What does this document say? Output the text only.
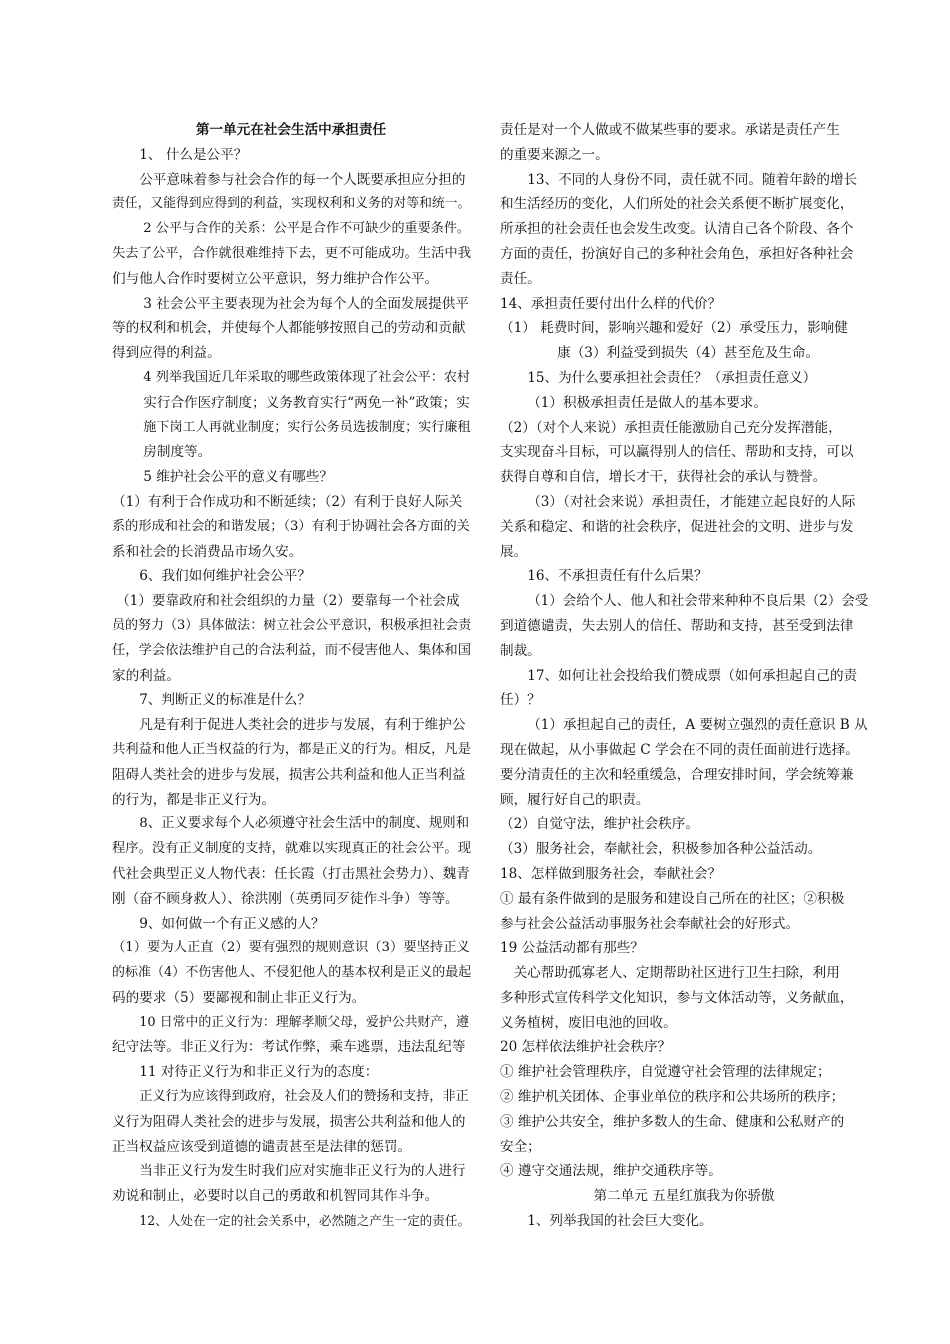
第一单元在社会生活中承担责任
1、 什么是公平？
公平意味着参与社会合作的每一个人既要承担应分担的
责任，又能得到应得到的利益，实现权利和义务的对等和统一。
2 公平与合作的关系：公平是合作不可缺少的重要条件。
失去了公平，合作就很难维持下去，更不可能成功。生活中我
们与他人合作时要树立公平意识，努力维护合作公平。
3 社会公平主要表现为社会为每个人的全面发展提供平
等的权利和机会，并使每个人都能够按照自己的劳动和贡献
得到应得的利益。
4 列举我国近几年采取的哪些政策体现了社会公平：农村
实行合作医疗制度；义务教育实行“两免一补”政策；实
施下岗工人再就业制度；实行公务员选拔制度；实行廉租
房制度等。
5 维护社会公平的意义有哪些？
（1）有利于合作成功和不断延续；（2）有利于良好人际关
系的形成和社会的和谐发展；（3）有利于协调社会各方面的关
系和社会的长消费品市场久安。
6、我们如何维护社会公平？
（1）要靠政府和社会组织的力量（2）要靠每一个社会成
员的努力（3）具体做法：树立社会公平意识，积极承担社会责
任，学会依法维护自己的合法利益，而不侵害他人、集体和国
家的利益。
7、判断正义的标准是什么？
凡是有利于促进人类社会的进步与发展，有利于维护公
共利益和他人正当权益的行为，都是正义的行为。相反，凡是
阻碍人类社会的进步与发展，损害公共利益和他人正当利益
的行为，都是非正义行为。
8、正义要求每个人必须遵守社会生活中的制度、规则和
程序。没有正义制度的支持，就难以实现真正的社会公平。现
代社会典型正义人物代表：任长霞（打击黑社会势力）、魏青
刚（奋不顾身救人）、徐洪刚（英勇同歹徒作斗争）等等。
9、如何做一个有正义感的人？
（1）要为人正直（2）要有强烈的规则意识（3）要坚持正义
的标准（4）不伤害他人、不侵犯他人的基本权利是正义的最起
码的要求（5）要鄙视和制止非正义行为。
10 日常中的正义行为：理解孝顺父母，爱护公共财产，遵
纪守法等。非正义行为：考试作弊，乘车逃票，违法乱纪等
11 对待正义行为和非正义行为的态度：
正义行为应该得到政府，社会及人们的赞扬和支持，非正
义行为阻碍人类社会的进步与发展，损害公共利益和他人的
正当权益应该受到道德的谴责甚至是法律的惩罚。
当非正义行为发生时我们应对实施非正义行为的人进行
劝说和制止，必要时以自己的勇敢和机智同其作斗争。
12、人处在一定的社会关系中，必然随之产生一定的责任。
责任是对一个人做或不做某些事的要求。承诺是责任产生
的重要来源之一。
13、不同的人身份不同，责任就不同。随着年龄的增长
和生活经历的变化，人们所处的社会关系便不断扩展变化，
所承担的社会责任也会发生改变。认清自己各个阶段、各个
方面的责任，扮演好自己的多种社会角色，承担好各种社会
责任。
14、承担责任要付出什么样的代价？
（1） 耗费时间，影响兴趣和爱好（2）承受压力，影响健
康（3）利益受到损失（4）甚至危及生命。
15、为什么要承担社会责任？（承担责任意义）
（1）积极承担责任是做人的基本要求。
（2）（对个人来说）承担责任能激励自己充分发挥潜能，
支实现奋斗目标，可以赢得别人的信任、帮助和支持，可以
获得自尊和自信，增长才干，获得社会的承认与赞誉。
（3）（对社会来说）承担责任，才能建立起良好的人际
关系和稳定、和谐的社会秩序，促进社会的文明、进步与发
展。
16、不承担责任有什么后果？
（1）会给个人、他人和社会带来种种不良后果（2）会受
到道德谴责，失去别人的信任、帮助和支持，甚至受到法律
制裁。
17、如何让社会投给我们赞成票（如何承担起自己的责
任）？
（1）承担起自己的责任，A 要树立强烈的责任意识 B 从
现在做起，从小事做起 C 学会在不同的责任面前进行选择。
要分清责任的主次和轻重缓急，合理安排时间，学会统筹兼
顾，履行好自己的职责。
（2）自觉守法，维护社会秩序。
（3）服务社会，奉献社会，积极参加各种公益活动。
18、怎样做到服务社会，奉献社会？
① 最有条件做到的是服务和建设自己所在的社区；②积极
参与社会公益活动事服务社会奉献社会的好形式。
19 公益活动都有那些？
关心帮助孤寡老人、定期帮助社区进行卫生扫除，利用
多种形式宣传科学文化知识，参与文体活动等，义务献血，
义务植树，废旧电池的回收。
20 怎样依法维护社会秩序？
① 维护社会管理秩序，自觉遵守社会管理的法律规定；
② 维护机关团体、企事业单位的秩序和公共场所的秩序；
③ 维护公共安全，维护多数人的生命、健康和公私财产的
安全；
④ 遵守交通法规，维护交通秩序等。
第二单元 五星红旗我为你骄傲
1、列举我国的社会巨大变化。
